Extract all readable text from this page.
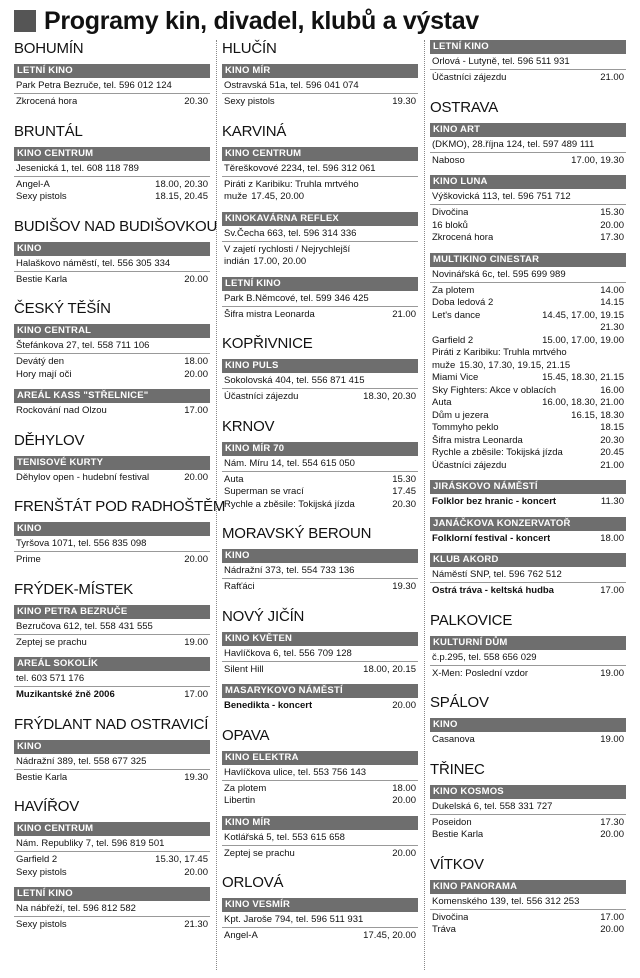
Programy kin, divadel, klubů a výstav
BOHUMÍN
LETNÍ KINO
Park Petra Bezruče, tel. 596 012 124
Zkrocená hora	20.30
BRUNTÁL
KINO CENTRUM
Jesenická 1, tel. 608 118 789
Angel-A	18.00, 20.30
Sexy pistols	18.15, 20.45
BUDIŠOV NAD BUDIŠOVKOU
KINO
Halaškovo náměstí, tel. 556 305 334
Bestie Karla	20.00
ČESKÝ TĚŠÍN
KINO CENTRAL
Štefánkova 27, tel. 558 711 106
Devátý den	18.00
Hory mají oči	20.00
AREÁL KASS "STŘELNICE"
Rockování nad Olzou	17.00
DĚHYLOV
TENISOVÉ KURTY
Děhylov open - hudební festival	20.00
FRENŠTÁT POD RADHOŠTĚM
KINO
Tyršova 1071, tel. 556 835 098
Prime	20.00
FRÝDEK-MÍSTEK
KINO PETRA BEZRUČE
Bezručova 612, tel. 558 431 555
Zeptej se prachu	19.00
AREÁL SOKOLÍK
tel. 603 571 176
Muzikantské žně 2006	17.00
FRÝDLANT NAD OSTRAVICÍ
KINO
Nádražní 389, tel. 558 677 325
Bestie Karla	19.30
HAVÍŘOV
KINO CENTRUM
Nám. Republiky 7, tel. 596 819 501
Garfield 2	15.30, 17.45
Sexy pistols	20.00
LETNÍ KINO
Na nábřeží, tel. 596 812 582
Sexy pistols	21.30
HLUČÍN
KINO MÍR
Ostravská 51a, tel. 596 041 074
Sexy pistols	19.30
KARVINÁ
KINO CENTRUM
Těreškovové 2234, tel. 596 312 061
Piráti z Karibiku: Truhla mrtvého muže 17.45, 20.00
KINOKAVÁRNA REFLEX
Sv.Čecha 663, tel. 596 314 336
V zajetí rychlosti / Nejrychlejší indián 17.00, 20.00
LETNÍ KINO
Park B.Němcové, tel. 599 346 425
Šifra mistra Leonarda	21.00
KOPŘIVNICE
KINO PULS
Sokolovská 404, tel. 556 871 415
Účastníci zájezdu	18.30, 20.30
KRNOV
KINO MÍR 70
Nám. Míru 14, tel. 554 615 050
Auta	15.30
Superman se vrací	17.45
Rychle a zběsile: Tokijská jízda	20.30
MORAVSKÝ BEROUN
KINO
Nádražní 373, tel. 554 733 136
Rafťáci	19.30
NOVÝ JIČÍN
KINO KVĚTEN
Havlíčkova 6, tel. 556 709 128
Silent Hill	18.00, 20.15
MASARYKOVO NÁMĚSTÍ
Benedikta - koncert	20.00
OPAVA
KINO ELEKTRA
Havlíčkova ulice, tel. 553 756 143
Za plotem	18.00
Libertin	20.00
KINO MÍR
Kotlářská 5, tel. 553 615 658
Zeptej se prachu	20.00
ORLOVÁ
KINO VESMÍR
Kpt. Jaroše 794, tel. 596 511 931
Angel-A	17.45, 20.00
LETNÍ KINO
Orlová - Lutyně, tel. 596 511 931
Účastníci zájezdu	21.00
OSTRAVA
KINO ART
(DKMO), 28.října 124, tel. 597 489 111
Naboso	17.00, 19.30
KINO LUNA
Výškovická 113, tel. 596 751 712
Divočina	15.30
16 bloků	20.00
Zkrocená hora	17.30
MULTIKINO CINESTAR
Novinářská 6c, tel. 595 699 989
Za plotem	14.00
Doba ledová 2	14.15
Let's dance	14.45, 17.00, 19.15
21.30
Garfield 2	15.00, 17.00, 19.00
Piráti z Karibiku: Truhla mrtvého muže 15.30, 17.30, 19.15, 21.15
Miami Vice	15.45, 18.30, 21.15
Sky Fighters: Akce v oblacích	16.00
Auta	16.00, 18.30, 21.00
Dům u jezera	16.15, 18.30
Tommyho peklo	18.15
Šifra mistra Leonarda	20.30
Rychle a zběsile: Tokijská jízda	20.45
Účastníci zájezdu	21.00
JIRÁSKOVO NÁMĚSTÍ
Folklor bez hranic - koncert	11.30
JANÁČKOVA KONZERVATOŘ
Folklorní festival - koncert	18.00
KLUB AKORD
Náměstí SNP, tel. 596 762 512
Ostrá tráva - keltská hudba	17.00
PALKOVICE
KULTURNÍ DŮM
č.p.295, tel. 558 656 029
X-Men: Poslední vzdor	19.00
SPÁLOV
KINO
Casanova	19.00
TŘINEC
KINO KOSMOS
Dukelská 6, tel. 558 331 727
Poseidon	17.30
Bestie Karla	20.00
VÍTKOV
KINO PANORAMA
Komenského 139, tel. 556 312 253
Divočina	17.00
Tráva	20.00
